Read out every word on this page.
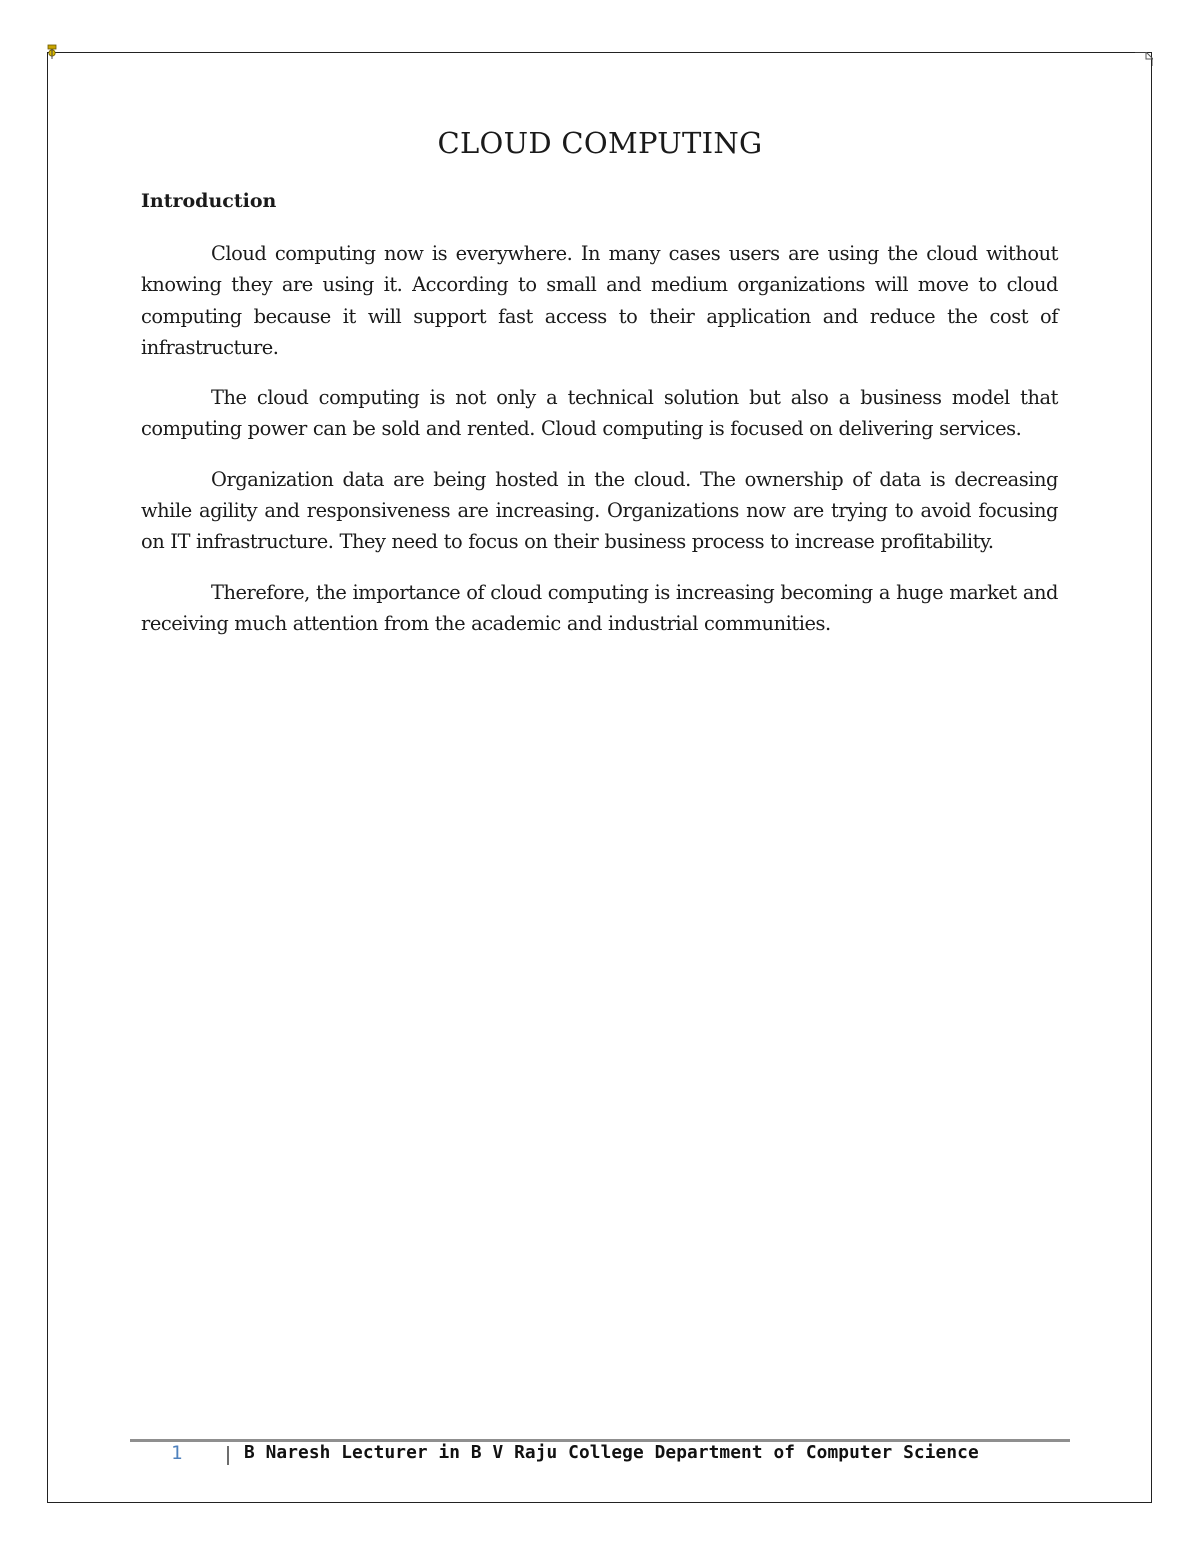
CLOUD COMPUTING
Introduction

Cloud computing now is everywhere. In many cases users are using the cloud without knowing they are using it. According to small and medium organizations will move to cloud computing because it will support fast access to their application and reduce the cost of infrastructure.

The cloud computing is not only a technical solution but also a business model that computing power can be sold and rented. Cloud computing is focused on delivering services.

Organization data are being hosted in the cloud. The ownership of data is decreasing while agility and responsiveness are increasing. Organizations now are trying to avoid focusing on IT infrastructure. They need to focus on their business process to increase profitability.

Therefore, the importance of cloud computing is increasing becoming a huge market and receiving much attention from the academic and industrial communities.

1	B Naresh Lecturer in B V Raju College Department of Computer Science
